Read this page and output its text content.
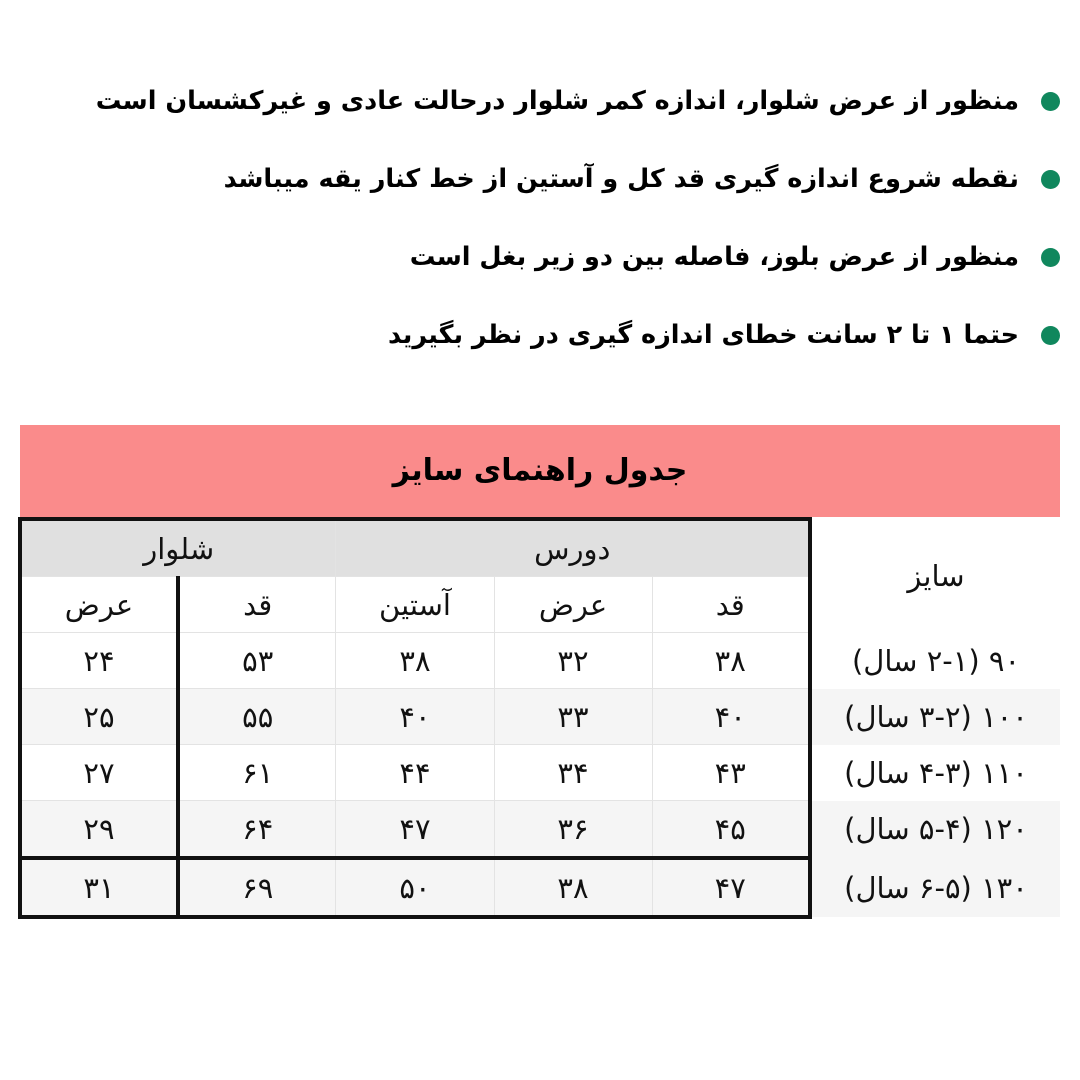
منظور از عرض شلوار، اندازه کمر شلوار درحالت عادی و غیرکشسان است
نقطه شروع اندازه گیری قد کل و آستین از خط کنار یقه میباشد
منظور از عرض بلوز، فاصله بین دو زیر بغل است
حتما ۱ تا ۲ سانت خطای اندازه گیری در نظر بگیرید
جدول راهنمای سایز
سایز	دورس			شلوار	
	قد	عرض	آستین	قد	عرض
۹۰ (۲-۱ سال)	۳۸	۳۲	۳۸	۵۳	۲۴
۱۰۰ (۳-۲ سال)	۴۰	۳۳	۴۰	۵۵	۲۵
۱۱۰ (۴-۳ سال)	۴۳	۳۴	۴۴	۶۱	۲۷
۱۲۰ (۵-۴ سال)	۴۵	۳۶	۴۷	۶۴	۲۹
۱۳۰ (۶-۵ سال)	۴۷	۳۸	۵۰	۶۹	۳۱
